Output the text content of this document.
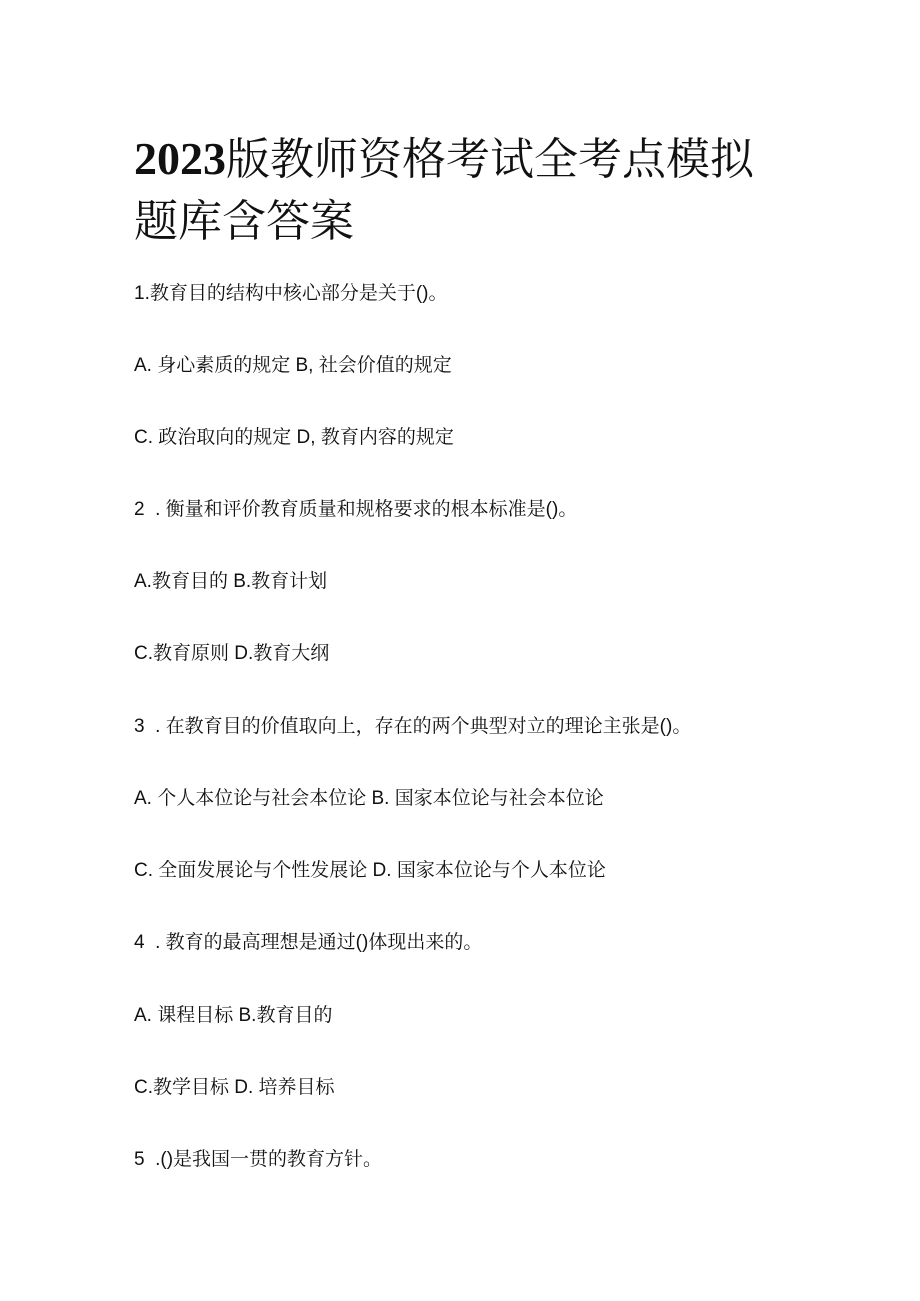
2023版教师资格考试全考点模拟题库含答案
1.教育目的结构中核心部分是关于()。
A. 身心素质的规定 B, 社会价值的规定
C. 政治取向的规定 D, 教育内容的规定
2  . 衡量和评价教育质量和规格要求的根本标准是()。
A.教育目的 B.教育计划
C.教育原则 D.教育大纲
3  . 在教育目的价值取向上，存在的两个典型对立的理论主张是()。
A. 个人本位论与社会本位论 B. 国家本位论与社会本位论
C. 全面发展论与个性发展论 D. 国家本位论与个人本位论
4  . 教育的最高理想是通过()体现出来的。
A. 课程目标 B.教育目的
C.教学目标 D. 培养目标
5  .()是我国一贯的教育方针。
